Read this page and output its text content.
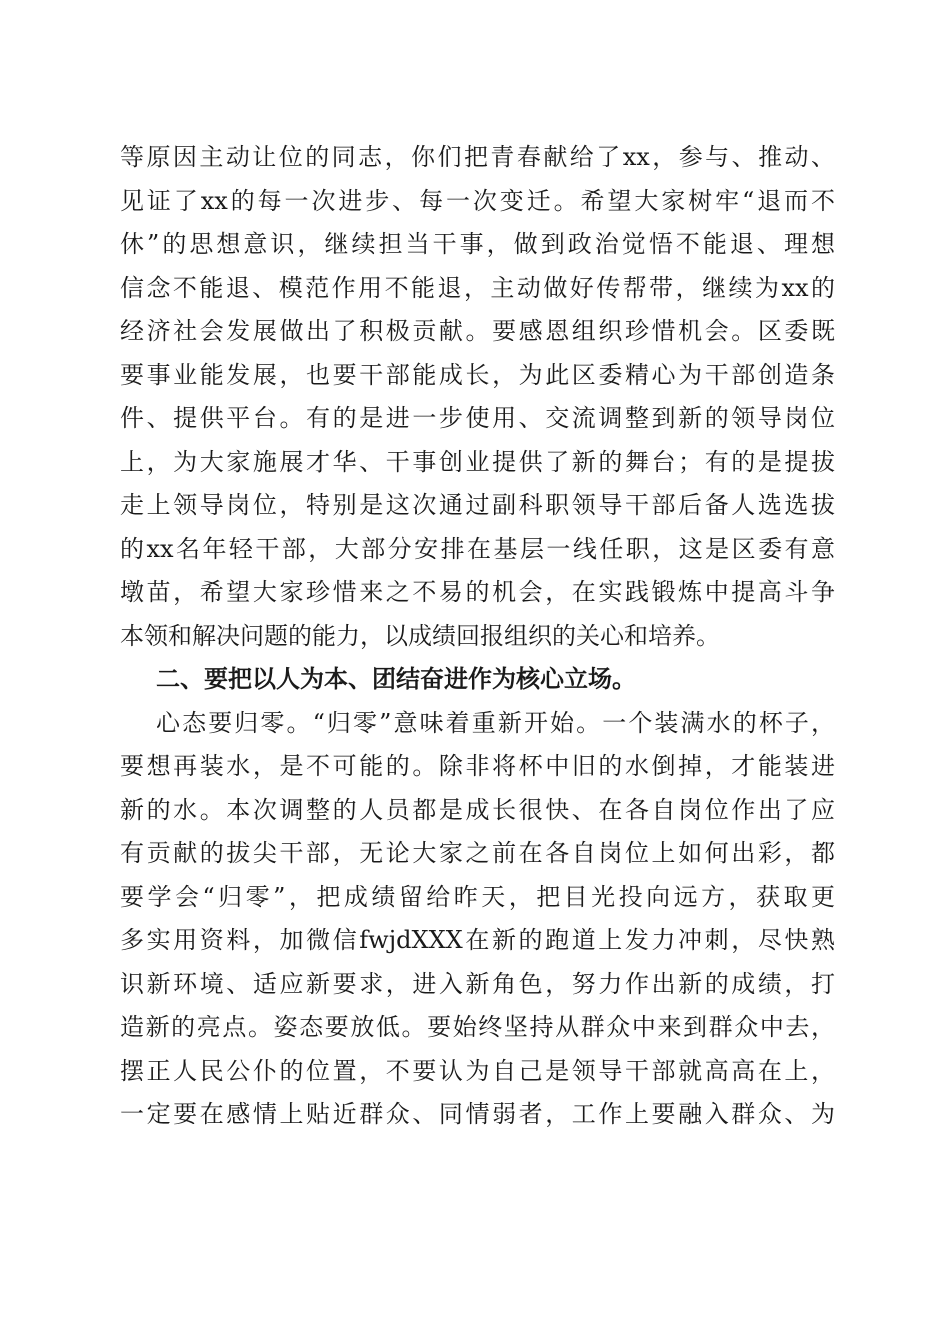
等原因主动让位的同志，你们把青春献给了xx，参与、推动、
见证了xx的每一次进步、每一次变迁。希望大家树牢“退而不
休”的思想意识，继续担当干事，做到政治觉悟不能退、理想
信念不能退、模范作用不能退，主动做好传帮带，继续为xx的
经济社会发展做出了积极贡献。要感恩组织珍惜机会。区委既
要事业能发展，也要干部能成长，为此区委精心为干部创造条
件、提供平台。有的是进一步使用、交流调整到新的领导岗位
上，为大家施展才华、干事创业提供了新的舞台；有的是提拔
走上领导岗位，特别是这次通过副科职领导干部后备人选选拔
的xx名年轻干部，大部分安排在基层一线任职，这是区委有意
墩苗，希望大家珍惜来之不易的机会，在实践锻炼中提高斗争
本领和解决问题的能力，以成绩回报组织的关心和培养。
二、要把以人为本、团结奋进作为核心立场。
心态要归零。“归零”意味着重新开始。一个装满水的杯子，
要想再装水，是不可能的。除非将杯中旧的水倒掉，才能装进
新的水。本次调整的人员都是成长很快、在各自岗位作出了应
有贡献的拔尖干部，无论大家之前在各自岗位上如何出彩，都
要学会“归零”，把成绩留给昨天，把目光投向远方，获取更
多实用资料，加微信fwjdXXX在新的跑道上发力冲刺，尽快熟
识新环境、适应新要求，进入新角色，努力作出新的成绩，打
造新的亮点。姿态要放低。要始终坚持从群众中来到群众中去，
摆正人民公仆的位置，不要认为自己是领导干部就高高在上，
一定要在感情上贴近群众、同情弱者，工作上要融入群众、为
